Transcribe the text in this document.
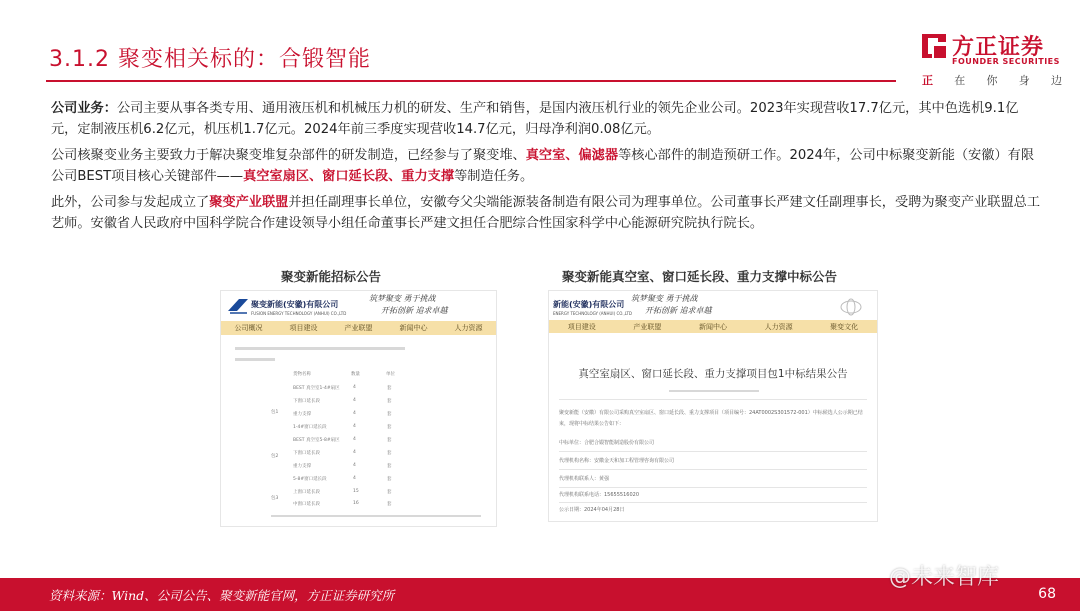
3.1.2 聚变相关标的：合锻智能	方正证券
FOUNDER SECURITIES
正 在 你 身 边

公司业务：公司主要从事各类专用、通用液压机和机械压力机的研发、生产和销售，是国内液压机行业的领先企业公司。2023年实现营收17.7亿元，其中色选机9.1亿元，定制液压机6.2亿元，机压机1.7亿元。2024年前三季度实现营收14.7亿元，归母净利润0.08亿元。

公司核聚变业务主要致力于解决聚变堆复杂部件的研发制造，已经参与了聚变堆、真空室、偏滤器等核心部件的制造预研工作。2024年，公司中标聚变新能（安徽）有限公司BEST项目核心关键部件——真空室扇区、窗口延长段、重力支撑等制造任务。

此外，公司参与发起成立了聚变产业联盟并担任副理事长单位，安徽夸父尖端能源装备制造有限公司为理事单位。公司董事长严建文任副理事长，受聘为聚变产业联盟总工艺师。安徽省人民政府中国科学院合作建设领导小组任命董事长严建文担任合肥综合性国家科学中心能源研究院执行院长。

聚变新能招标公告	聚变新能真空室、窗口延长段、重力支撑中标公告
聚变新能(安徽)有限公司
FUSION ENERGY TECHNOLOGY (ANHUI) CO.,LTD
筑梦聚变 勇于挑战
开拓创新 追求卓越
公司概况	项目建设	产业联盟	新闻中心	人力资源
货物名称	数量	单位
BEST 真空室1-4#扇区	4	套
下窗口延长段	4	套
包1	重力支撑	4	套
1-4#窗口延长段	4	套
BEST 真空室5-8#扇区	4	套
包2
下窗口延长段	4	套
重力支撑	4	套
5-8#窗口延长段	4	套
包3
上窗口延长段	15	套
中窗口延长段	16	套
新能(安徽)有限公司
ENERGY TECHNOLOGY (ANHUI) CO.,LTD
筑梦聚变 勇于挑战
开拓创新 追求卓越
项目建设	产业联盟	新闻中心	人力资源	聚变文化
真空室扇区、窗口延长段、重力支撑项目包1中标结果公告
聚变新能（安徽）有限公司采购真空室扇区、窗口延长段、重力支撑项目（项目编号：24AT0002S301572-001）中标候选人公示期已结
束，现将中标结果公告如下：
中标单位：合肥合锻智能制造股份有限公司
代理机构名称：安徽金天和加工程管理咨询有限公司
代理机构联系人：黄强
代理机构联系电话：15655516020
公示日期：2024年04月28日
资料来源：Wind、公司公告、聚变新能官网，方正证券研究所	68
@未来智库
